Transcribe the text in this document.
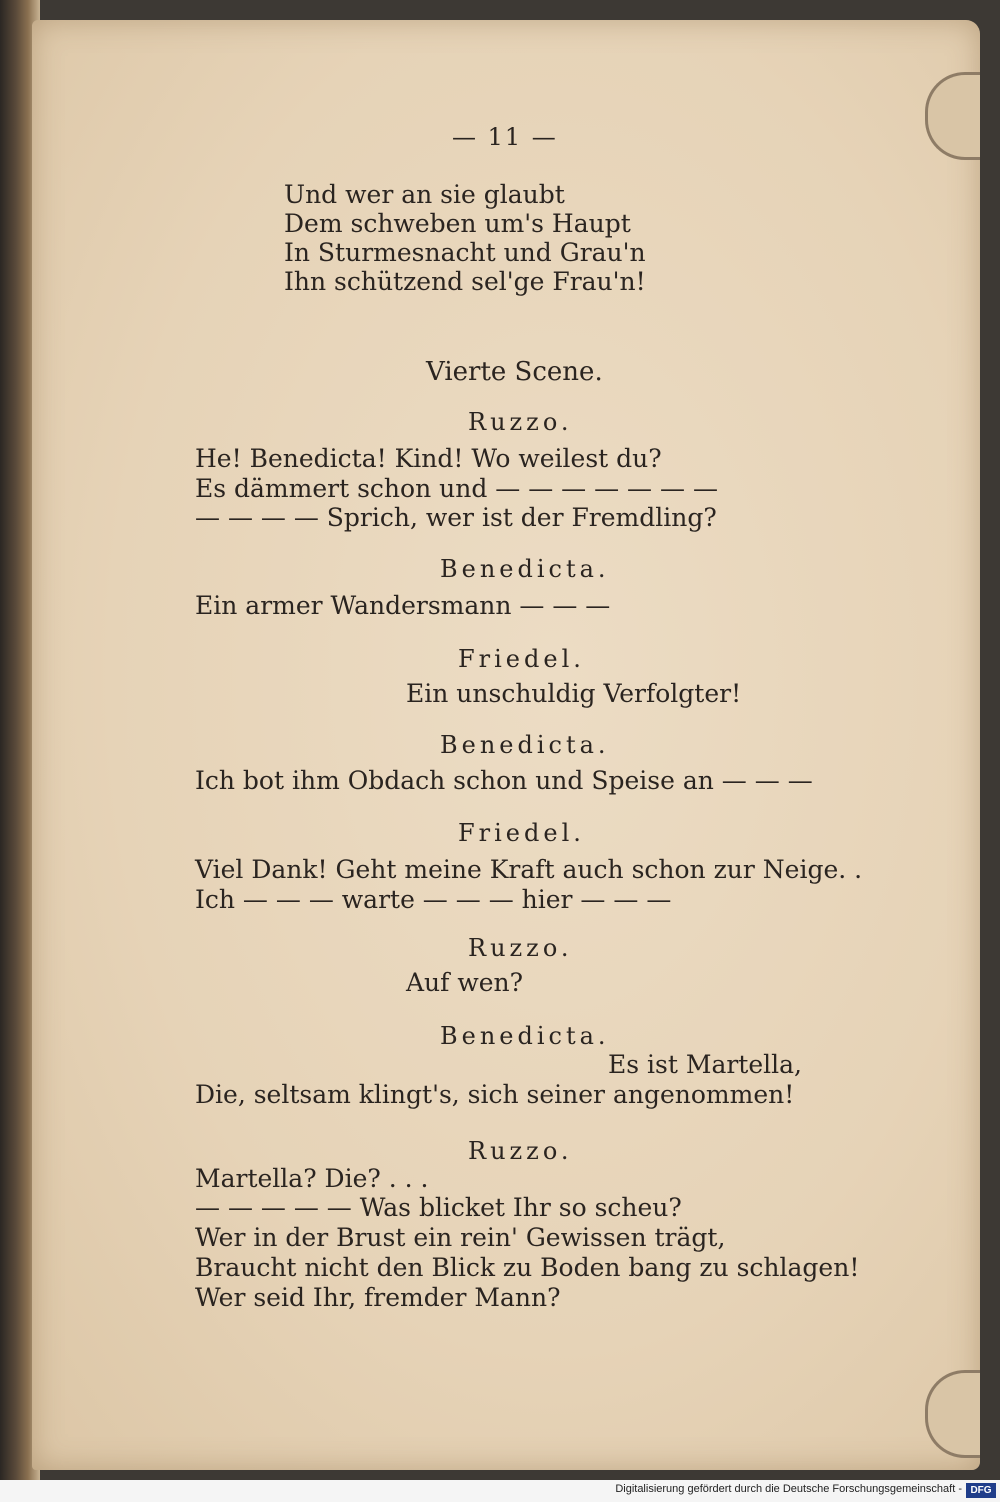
— 11 —
Und wer an sie glaubt
Dem schweben um's Haupt
In Sturmesnacht und Grau'n
Ihn schützend sel'ge Frau'n!
Vierte Scene.
Ruzzo.
He! Benedicta! Kind! Wo weilest du?
Es dämmert schon und — — — — — — —
— — — — Sprich, wer ist der Fremdling?
Benedicta.
Ein armer Wandersmann — — —
Friedel.
Ein unschuldig Verfolgter!
Benedicta.
Ich bot ihm Obdach schon und Speise an — — —
Friedel.
Viel Dank! Geht meine Kraft auch schon zur Neige. .
Ich — — — warte — — — hier — — —
Ruzzo.
Auf wen?
Benedicta.
Es ist Martella,
Die, seltsam klingt's, sich seiner angenommen!
Ruzzo.
Martella? Die? . . .
— — — — — Was blicket Ihr so scheu?
Wer in der Brust ein rein' Gewissen trägt,
Braucht nicht den Blick zu Boden bang zu schlagen!
Wer seid Ihr, fremder Mann?
Digitalisierung gefördert durch die Deutsche Forschungsgemeinschaft - DFG
